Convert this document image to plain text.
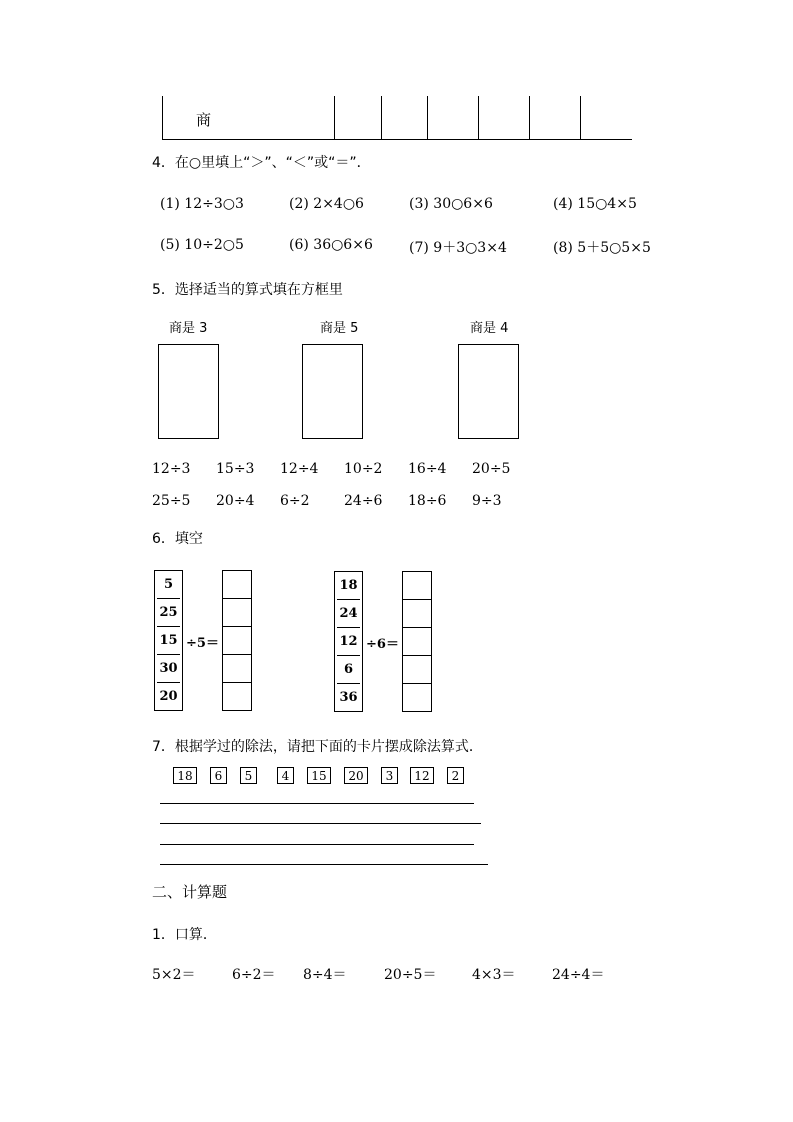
商
4．在○里填上“＞”、“＜”或“＝”．
(1) 12÷3○3	(2) 2×4○6	(3) 30○6×6	(4) 15○4×5
(5) 10÷2○5	(6) 36○6×6	(7) 9＋3○3×4	(8) 5＋5○5×5
5．选择适当的算式填在方框里
商是 3	商是 5	商是 4
12÷3 15÷3 12÷4 10÷2 16÷4 20÷5
25÷5 20÷4 6÷2 24÷6 18÷6 9÷3
6．填空
5
25
15
30
20
÷5＝
18
24
12
6
36
÷6＝
7．根据学过的除法，请把下面的卡片摆成除法算式．
18	6	5	4	15	20	3	12	2
二、计算题
1．口算．
5×2＝	6÷2＝ 8÷4＝	20÷5＝	4×3＝	24÷4＝
